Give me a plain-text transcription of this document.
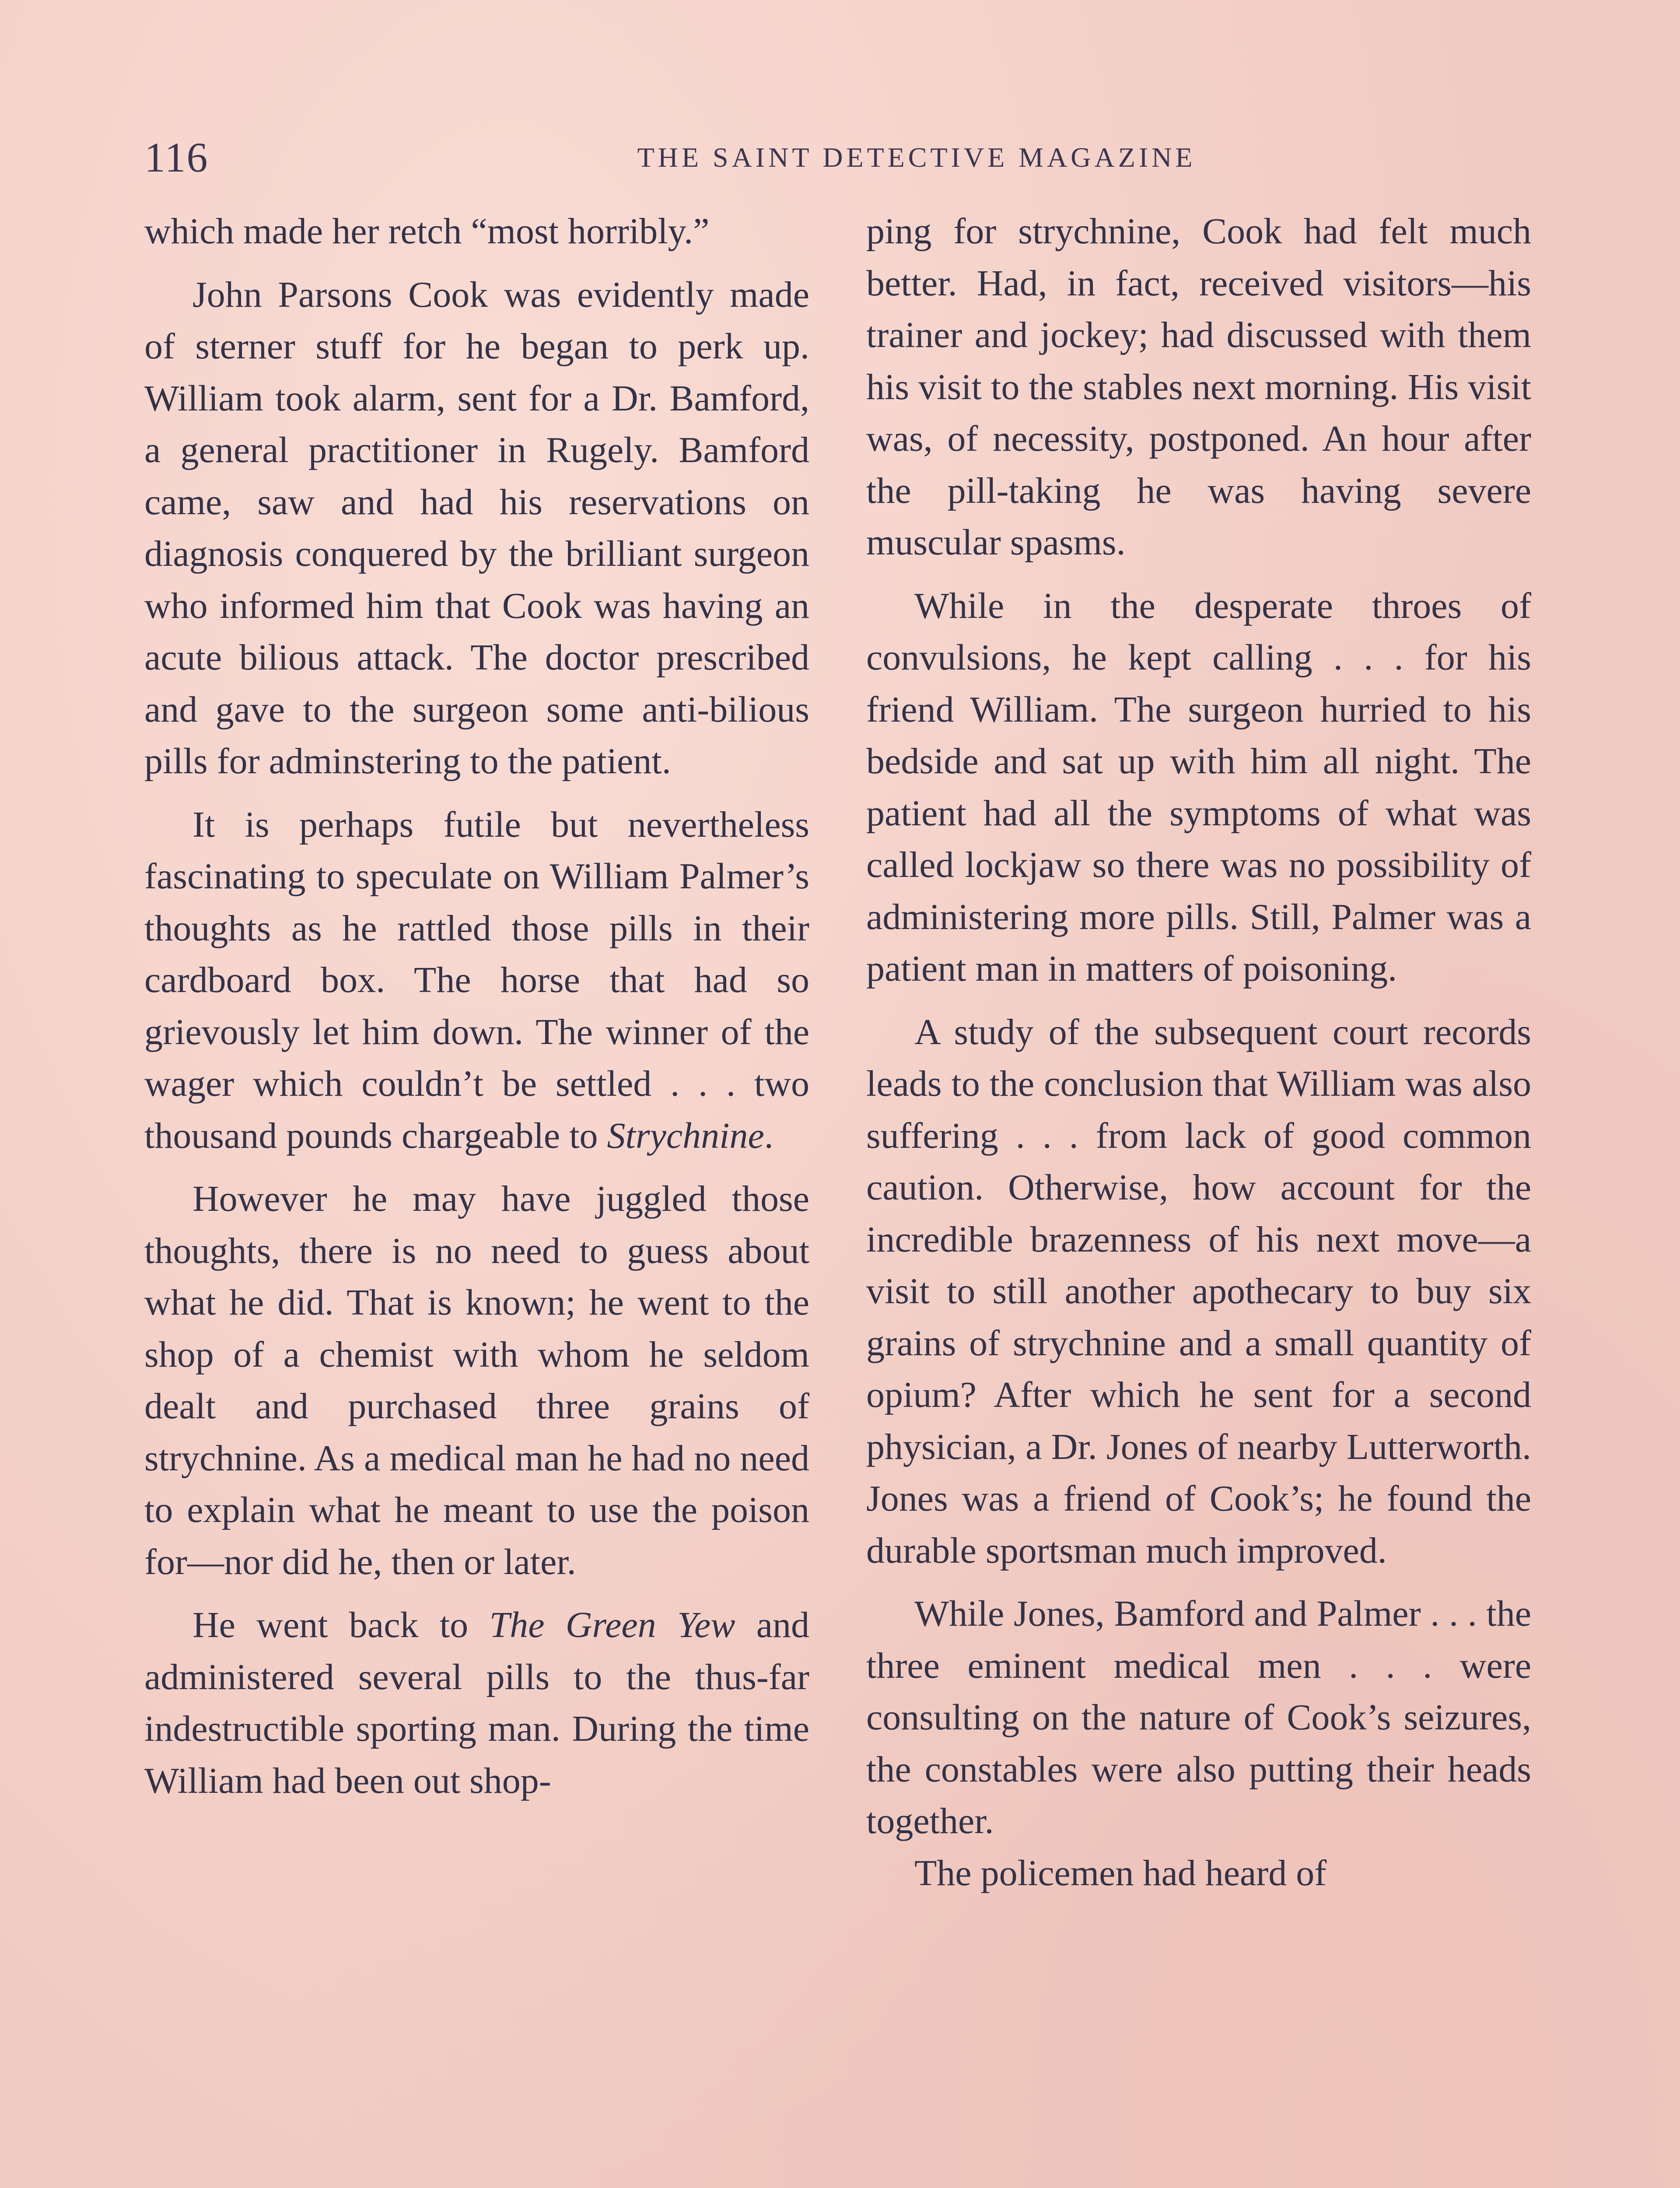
116	THE SAINT DETECTIVE MAGAZINE

which made her retch “most horribly.”

John Parsons Cook was evidently made of sterner stuff for he began to perk up. William took alarm, sent for a Dr. Bamford, a general practitioner in Rugely. Bamford came, saw and had his reservations on diagnosis conquered by the brilliant surgeon who informed him that Cook was having an acute bilious attack. The doctor prescribed and gave to the surgeon some anti-bilious pills for adminstering to the patient.

It is perhaps futile but nevertheless fascinating to speculate on William Palmer’s thoughts as he rattled those pills in their cardboard box. The horse that had so grievously let him down. The winner of the wager which couldn’t be settled . . . two thousand pounds chargeable to Strychnine.

However he may have juggled those thoughts, there is no need to guess about what he did. That is known; he went to the shop of a chemist with whom he seldom dealt and purchased three grains of strychnine. As a medical man he had no need to explain what he meant to use the poison for—nor did he, then or later.

He went back to The Green Yew and administered several pills to the thus-far indestructible sporting man. During the time William had been out shop-

ping for strychnine, Cook had felt much better. Had, in fact, received visitors—his trainer and jockey; had discussed with them his visit to the stables next morning. His visit was, of necessity, postponed. An hour after the pill-taking he was having severe muscular spasms.

While in the desperate throes of convulsions, he kept calling . . . for his friend William. The surgeon hurried to his bedside and sat up with him all night. The patient had all the symptoms of what was called lockjaw so there was no possibility of administering more pills. Still, Palmer was a patient man in matters of poisoning.

A study of the subsequent court records leads to the conclusion that William was also suffering . . . from lack of good common caution. Otherwise, how account for the incredible brazenness of his next move—a visit to still another apothecary to buy six grains of strychnine and a small quantity of opium? After which he sent for a second physician, a Dr. Jones of nearby Lutterworth. Jones was a friend of Cook’s; he found the durable sportsman much improved.

While Jones, Bamford and Palmer . . . the three eminent medical men . . . were consulting on the nature of Cook’s seizures, the constables were also putting their heads together.

The policemen had heard of
